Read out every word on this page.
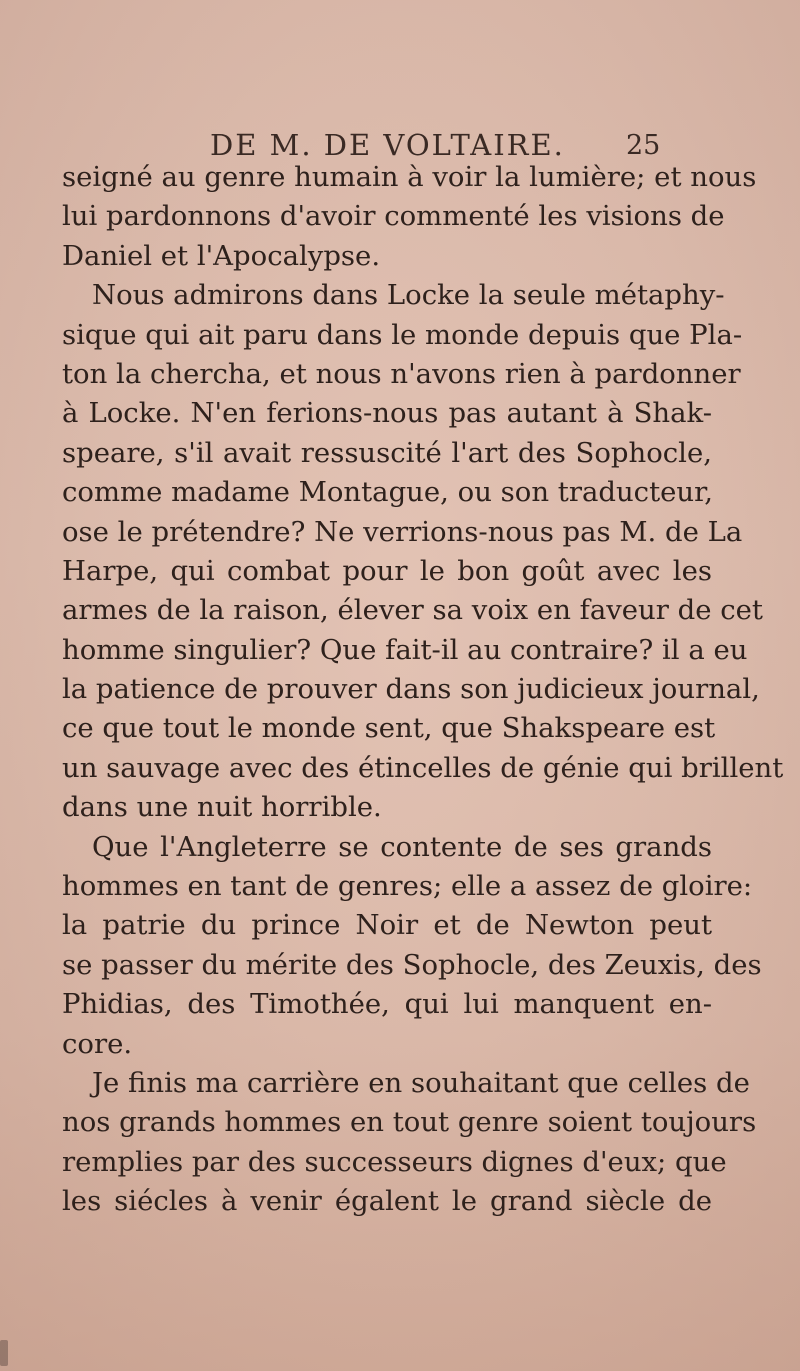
DE M. DE VOLTAIRE. 25
seigné au genre humain à voir la lumière; et nous
lui pardonnons d'avoir commenté les visions de
Daniel et l'Apocalypse.
Nous admirons dans Locke la seule métaphy-
sique qui ait paru dans le monde depuis que Pla-
ton la chercha, et nous n'avons rien à pardonner
à Locke. N'en ferions-nous pas autant à Shak-
speare, s'il avait ressuscité l'art des Sophocle,
comme madame Montague, ou son traducteur,
ose le prétendre? Ne verrions-nous pas M. de La
Harpe, qui combat pour le bon goût avec les
armes de la raison, élever sa voix en faveur de cet
homme singulier? Que fait-il au contraire? il a eu
la patience de prouver dans son judicieux journal,
ce que tout le monde sent, que Shakspeare est
un sauvage avec des étincelles de génie qui brillent
dans une nuit horrible.
Que l'Angleterre se contente de ses grands
hommes en tant de genres; elle a assez de gloire:
la patrie du prince Noir et de Newton peut
se passer du mérite des Sophocle, des Zeuxis, des
Phidias, des Timothée, qui lui manquent en-
core.
Je finis ma carrière en souhaitant que celles de
nos grands hommes en tout genre soient toujours
remplies par des successeurs dignes d'eux; que
les siécles à venir égalent le grand siècle de
